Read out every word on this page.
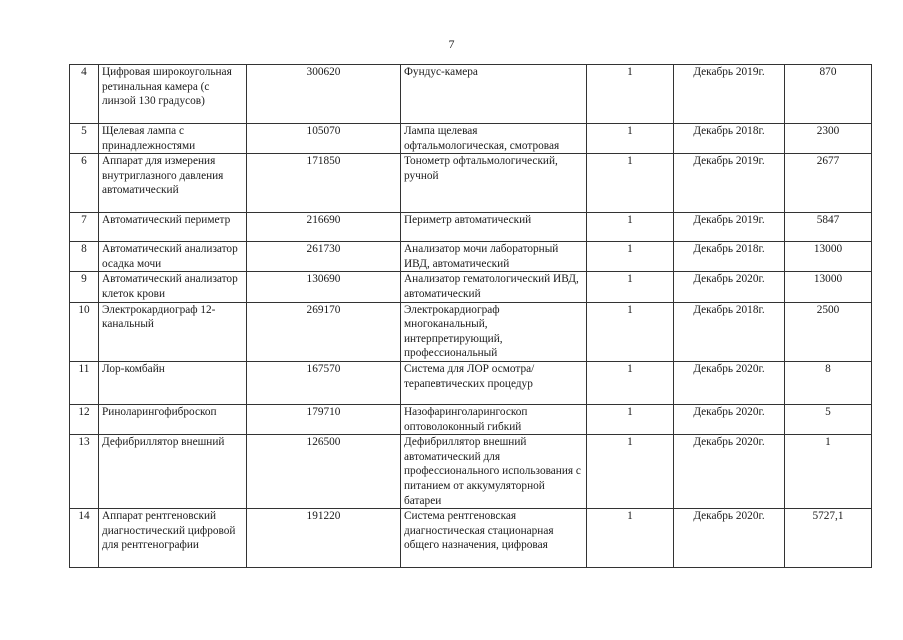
7
4	Цифровая широкоугольная ретинальная камера (с линзой 130 градусов)	300620	Фундус-камера	1	Декабрь 2019г.	870
5	Щелевая лампа с принадлежностями	105070	Лампа щелевая офтальмологическая, смотровая	1	Декабрь 2018г.	2300
6	Аппарат для измерения внутриглазного давления автоматический	171850	Тонометр офтальмологический, ручной	1	Декабрь 2019г.	2677
7	Автоматический периметр	216690	Периметр автоматический	1	Декабрь 2019г.	5847
8	Автоматический анализатор осадка мочи	261730	Анализатор мочи лабораторный ИВД, автоматический	1	Декабрь 2018г.	13000
9	Автоматический анализатор клеток крови	130690	Анализатор гематологический ИВД, автоматический	1	Декабрь 2020г.	13000
10	Электрокардиограф 12-канальный	269170	Электрокардиограф многоканальный, интерпретирующий, профессиональный	1	Декабрь 2018г.	2500
11	Лор-комбайн	167570	Система для ЛОР осмотра/терапевтических процедур	1	Декабрь 2020г.	8
12	Риноларингофиброскоп	179710	Назофаринголарингоскоп оптоволоконный гибкий	1	Декабрь 2020г.	5
13	Дефибриллятор внешний	126500	Дефибриллятор внешний автоматический для профессионального использования с питанием от аккумуляторной батареи	1	Декабрь 2020г.	1
14	Аппарат рентгеновский диагностический цифровой для рентгенографии	191220	Система рентгеновская диагностическая стационарная общего назначения, цифровая	1	Декабрь 2020г.	5727,1
